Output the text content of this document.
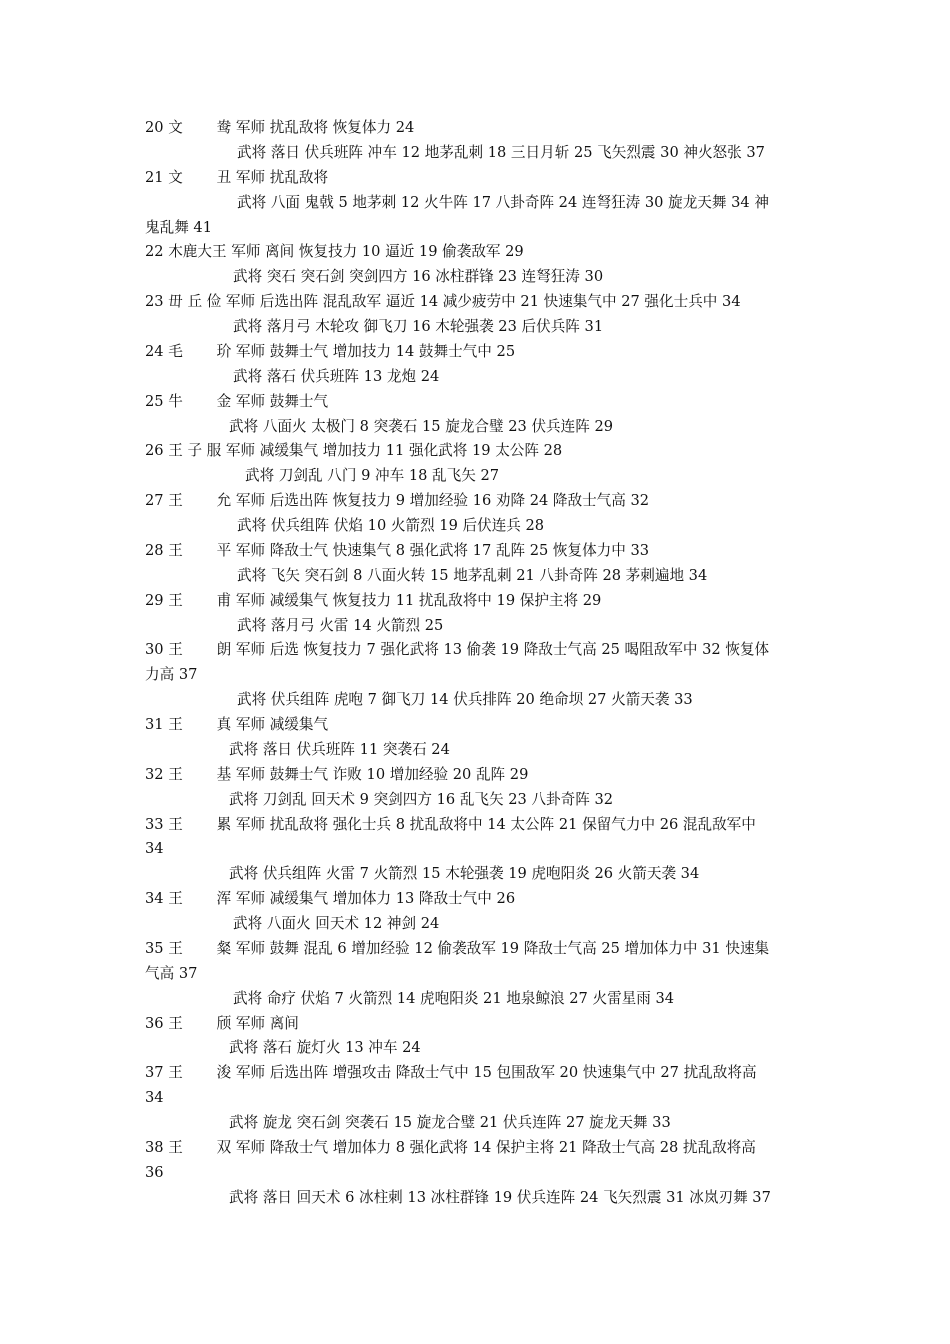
20 文　　 鸯 军师 扰乱敌将 恢复体力 24
武将 落日 伏兵班阵 冲车 12 地茅乱刺 18 三日月斩 25 飞矢烈震 30 神火怒张 37
21 文　　 丑 军师 扰乱敌将
武将 八面 鬼戟 5 地茅刺 12 火牛阵 17 八卦奇阵 24 连弩狂涛 30 旋龙天舞 34 神
鬼乱舞 41
22 木鹿大王 军师 离间 恢复技力 10 逼近 19 偷袭敌军 29
武将 突石 突石剑 突剑四方 16 冰柱群锋 23 连弩狂涛 30
23 毌 丘 俭 军师 后选出阵 混乱敌军 逼近 14 减少疲劳中 21 快速集气中 27 强化士兵中 34
武将 落月弓 木轮攻 御飞刀 16 木轮强袭 23 后伏兵阵 31
24 毛　　 玠 军师 鼓舞士气 增加技力 14 鼓舞士气中 25
武将 落石 伏兵班阵 13 龙炮 24
25 牛　　 金 军师 鼓舞士气
武将 八面火 太极门 8 突袭石 15 旋龙合璧 23 伏兵连阵 29
26 王 子 服 军师 减缓集气 增加技力 11 强化武将 19 太公阵 28
武将 刀剑乱 八门 9 冲车 18 乱飞矢 27
27 王　　 允 军师 后选出阵 恢复技力 9 增加经验 16 劝降 24 降敌士气高 32
武将 伏兵组阵 伏焰 10 火箭烈 19 后伏连兵 28
28 王　　 平 军师 降敌士气 快速集气 8 强化武将 17 乱阵 25 恢复体力中 33
武将 飞矢 突石剑 8 八面火转 15 地茅乱刺 21 八卦奇阵 28 茅刺遍地 34
29 王　　 甫 军师 减缓集气 恢复技力 11 扰乱敌将中 19 保护主将 29
武将 落月弓 火雷 14 火箭烈 25
30 王　　 朗 军师 后选 恢复技力 7 强化武将 13 偷袭 19 降敌士气高 25 喝阻敌军中 32 恢复体
力高 37
武将 伏兵组阵 虎咆 7 御飞刀 14 伏兵排阵 20 绝命坝 27 火箭天袭 33
31 王　　 真 军师 减缓集气
武将 落日 伏兵班阵 11 突袭石 24
32 王　　 基 军师 鼓舞士气 诈败 10 增加经验 20 乱阵 29
武将 刀剑乱 回天术 9 突剑四方 16 乱飞矢 23 八卦奇阵 32
33 王　　 累 军师 扰乱敌将 强化士兵 8 扰乱敌将中 14 太公阵 21 保留气力中 26 混乱敌军中
34
武将 伏兵组阵 火雷 7 火箭烈 15 木轮强袭 19 虎咆阳炎 26 火箭天袭 34
34 王　　 浑 军师 减缓集气 增加体力 13 降敌士气中 26
武将 八面火 回天术 12 神剑 24
35 王　　 粲 军师 鼓舞 混乱 6 增加经验 12 偷袭敌军 19 降敌士气高 25 增加体力中 31 快速集
气高 37
武将 命疗 伏焰 7 火箭烈 14 虎咆阳炎 21 地泉鲸浪 27 火雷星雨 34
36 王　　 颀 军师 离间
武将 落石 旋灯火 13 冲车 24
37 王　　 浚 军师 后选出阵 增强攻击 降敌士气中 15 包围敌军 20 快速集气中 27 扰乱敌将高
34
武将 旋龙 突石剑 突袭石 15 旋龙合璧 21 伏兵连阵 27 旋龙天舞 33
38 王　　 双 军师 降敌士气 增加体力 8 强化武将 14 保护主将 21 降敌士气高 28 扰乱敌将高
36
武将 落日 回天术 6 冰柱刺 13 冰柱群锋 19 伏兵连阵 24 飞矢烈震 31 冰岚刃舞 37
